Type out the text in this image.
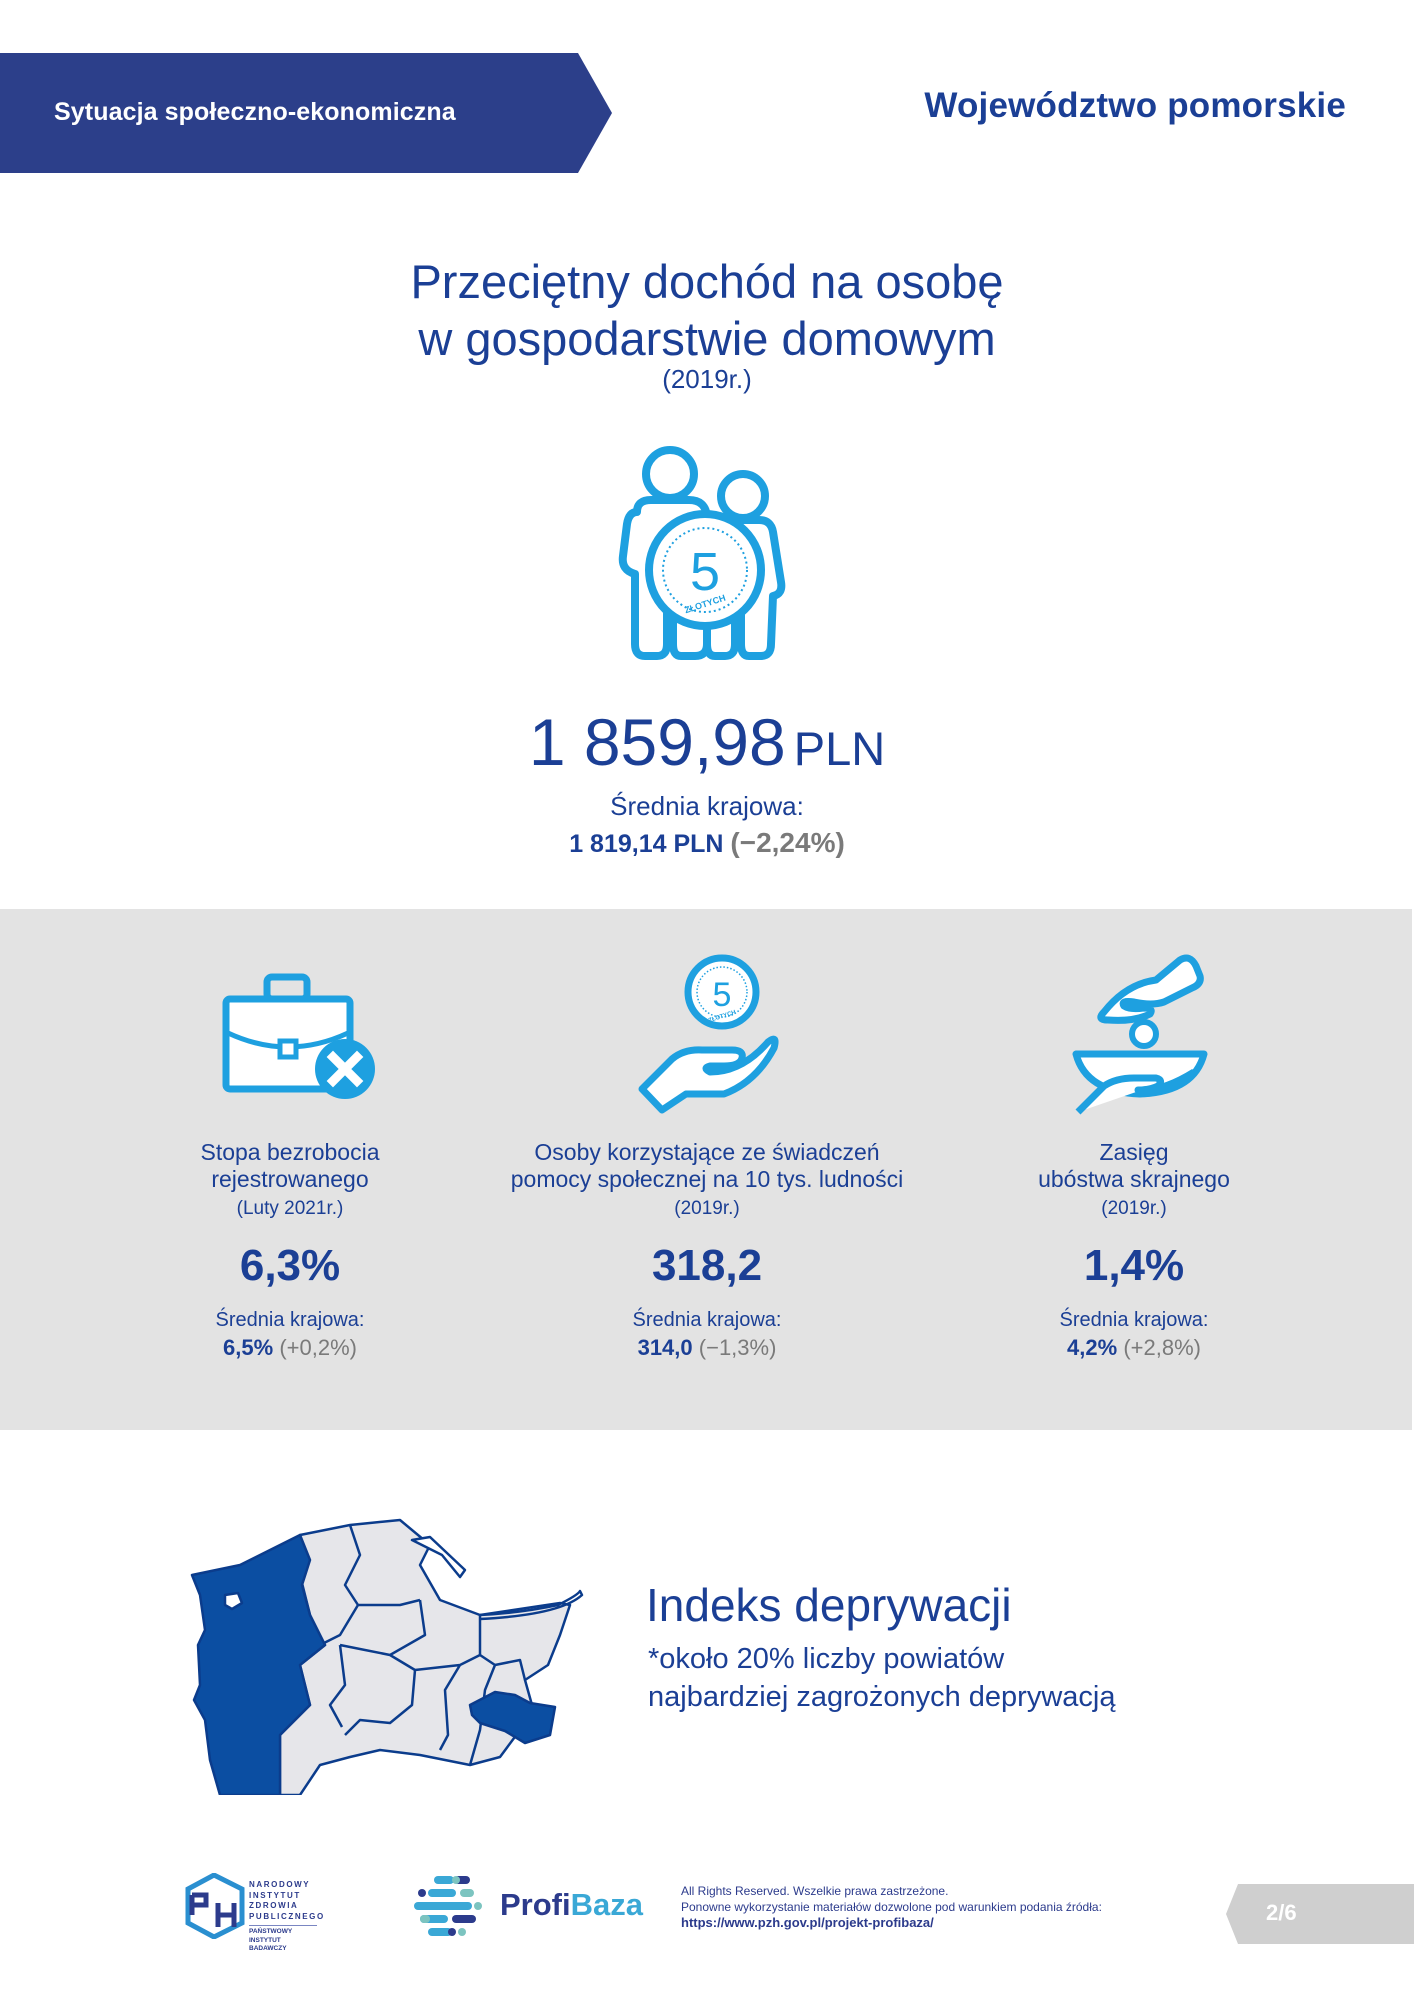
Sytuacja społeczno-ekonomiczna	Województwo pomorskie
Przeciętny dochód na osobę
w gospodarstwie domowym
(2019r.)
5
ZŁOTYCH
1 859,98 PLN
Średnia krajowa:
1 819,14 PLN (−2,24%)
Stopa bezrobocia
rejestrowanego
(Luty 2021r.)
6,3%
Średnia krajowa:
6,5% (+0,2%)
5
ZŁOTYCH
Osoby korzystające ze świadczeń
pomocy społecznej na 10 tys. ludności
(2019r.)
318,2
Średnia krajowa:
314,0 (−1,3%)
Zasięg
ubóstwa skrajnego
(2019r.)
1,4%
Średnia krajowa:
4,2% (+2,8%)
Indeks deprywacji
*około 20% liczby powiatów
najbardziej zagrożonych deprywacją
NARODOWY
INSTYTUT
ZDROWIA
PUBLICZNEGO
PAŃSTWOWY INSTYTUT
BADAWCZY
ProfiBaza	All Rights Reserved. Wszelkie prawa zastrzeżone.
Ponowne wykorzystanie materiałów dozwolone pod warunkiem podania źródła:
https://www.pzh.gov.pl/projekt-profibaza/	2/6
